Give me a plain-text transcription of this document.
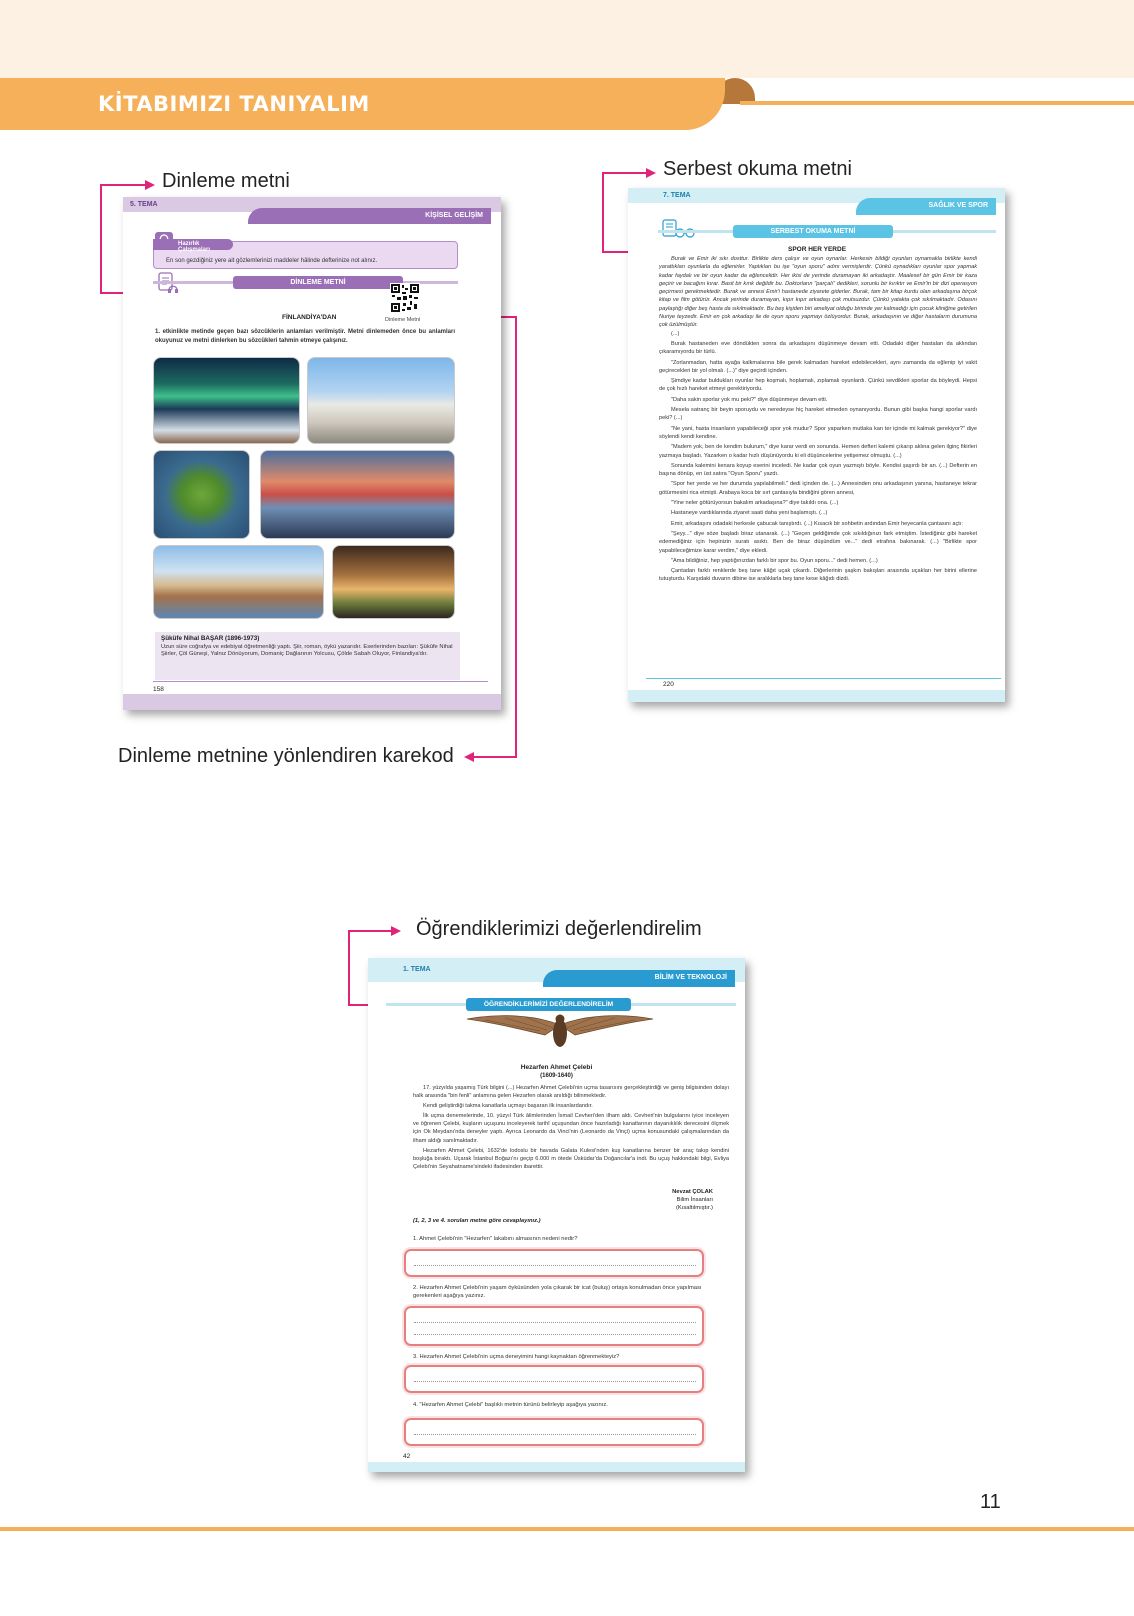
KİTABIMIZI TANIYALIM
Dinleme metni
Serbest okuma metni
Dinleme metnine yönlendiren karekod
Öğrendiklerimizi değerlendirelim
5. TEMA
KİŞİSEL GELİŞİM
En son gezdiğiniz yere ait gözlemlerinizi maddeler hâlinde defterinize not alınız.
Hazırlık Çalışmaları
DİNLEME METNİ
Dinleme Metni
FİNLANDİYA'DAN
1. etkinlikte metinde geçen bazı sözcüklerin anlamları verilmiştir. Metni dinlemeden önce bu anlamları okuyunuz ve metni dinlerken bu sözcükleri tahmin etmeye çalışınız.
Şüküfe Nihal BAŞAR (1896-1973)
Uzun süre coğrafya ve edebiyat öğretmenliği yaptı. Şiir, roman, öykü yazarıdır. Eserlerinden bazıları: Şükûfe Nihal Şiirler, Çöl Güneşi, Yalnız Dönüyorum, Domaniç Dağlarının Yolcusu, Çölde Sabah Oluyor, Finlandiya'dır.
158
7. TEMA
SAĞLIK VE SPOR
SERBEST OKUMA METNİ
SPOR HER YERDE

Burak ve Emir iki sıkı dosttur. Birlikte ders çalışır ve oyun oynarlar. Herkesin bildiği oyunları oynamakla birlikte kendi yarattıkları oyunlarla da eğlenirler. Yaptıkları bu işe "oyun sporu" adını vermişlerdir. Çünkü oynadıkları oyunlar spor yapmak kadar faydalı ve bir oyun kadar da eğlencelidir. Her ikisi de yerinde duramayan iki arkadaştır. Maalesef bir gün Emir bir kaza geçirir ve bacağını kırar. Basit bir kırık değildir bu. Doktorların "parçalı" dedikleri, sorunlu bir kırıktır ve Emir'in bir dizi operasyon geçirmesi gerekmektedir. Burak ve annesi Emir'i hastanede ziyarete giderler. Burak, tam bir kitap kurdu olan arkadaşına birçok kitap ve film götürür. Ancak yerinde duramayan, kıpır kıpır arkadaşı çok mutsuzdur. Çünkü yatakta çok sıkılmaktadır. Odasını paylaştığı diğer beş hasta da sıkılmaktadır. Bu beş kişiden biri ameliyat olduğu birimde yer kalmadığı için çocuk kliniğine getirilen Nuriye teyzedir. Emir en çok arkadaşı ile de oyun sporu yapmayı özlüyordur. Burak, arkadaşının ve diğer hastaların durumuna çok üzülmüştür.

(...)

Burak hastaneden eve döndükten sonra da arkadaşını düşünmeye devam etti. Odadaki diğer hastaları da aklından çıkaramıyordu bir türlü.

"Zorlanmadan, hatta ayağa kalkmalarına bile gerek kalmadan hareket edebilecekleri, aynı zamanda da eğlenip iyi vakit geçirecekleri bir yol olmalı. (...)" diye geçirdi içinden.

Şimdiye kadar buldukları oyunlar hep koşmalı, hoplamalı, zıplamalı oyunlardı. Çünkü sevdikleri sporlar da böyleydi. Hepsi de çok hızlı hareket etmeyi gerektiriyordu.

"Daha sakin sporlar yok mu peki?" diye düşünmeye devam etti.

Mesela satranç bir beyin sporuydu ve neredeyse hiç hareket etmeden oynanıyordu. Bunun gibi başka hangi sporlar vardı peki? (...)

"Ne yani, hasta insanların yapabileceği spor yok mudur? Spor yaparken mutlaka kan ter içinde mi kalmak gerekiyor?" diye söylendi kendi kendine.

"Madem yok, ben de kendim bulurum," diye karar verdi en sonunda. Hemen defteri kalemi çıkarıp aklına gelen ilginç fikirleri yazmaya başladı. Yazarken o kadar hızlı düşünüyordu ki eli düşüncelerine yetişemez olmuştu. (...)

Sonunda kalemini kenara koyup eserini inceledi. Ne kadar çok oyun yazmıştı böyle. Kendisi şaşırdı bir an. (...) Defterin en başına dönüp, en üst satıra "Oyun Sporu" yazdı.

"Spor her yerde ve her durumda yapılabilmeli." dedi içinden de. (...) Annesinden onu arkadaşının yanına, hastaneye tekrar götürmesini rica etmişti. Arabaya koca bir sırt çantasıyla bindiğini gören annesi,

"Yine neler götürüyorsun bakalım arkadaşına?" diye takıldı ona. (...)

Hastaneye vardıklarında ziyaret saati daha yeni başlamıştı. (...)

Emir, arkadaşını odadaki herkesle çabucak tanıştırdı. (...) Kısacık bir sohbetin ardından Emir heyecanla çantasını açtı:

"Şeyy..." diye söze başladı biraz utanarak. (...) "Geçen geldiğimde çok sıkıldığınızı fark etmiştim. İstediğiniz gibi hareket edemediğiniz için hepinizin suratı asıktı. Ben de biraz düşündüm ve..." dedi etrafına bakınarak. (...) "Birlikte spor yapabileceğimize karar verdim," diye ekledi.

"Ama bildiğiniz, hep yaptığınızdan farklı bir spor bu. Oyun sporu..." dedi hemen. (...)

Çantadan farklı renklerde beş tane kâğıt uçak çıkardı. Diğerlerinin şaşkın bakışları arasında uçakları her birini ellerine tutuşturdu. Karşıdaki duvarın dibine ise aralıklarla beş tane kese kâğıdı dizdi.

220
1. TEMA
BİLİM VE TEKNOLOJİ
ÖĞRENDİKLERİMİZİ DEĞERLENDİRELİM
Hezarfen Ahmet Çelebi
(1609-1640)

17. yüzyılda yaşamış Türk bilgini (...) Hezarfen Ahmet Çelebi'nin uçma tasarısını gerçekleştirdiği ve geniş bilgisinden dolayı halk arasında "bin fenli" anlamına gelen Hezarfen olarak anıldığı bilinmektedir.

Kendi geliştirdiği takma kanatlarla uçmayı başaran ilk insanlardandır.

İlk uçma denemelerinde, 10. yüzyıl Türk âlimlerinden İsmail Cevheri'den ilham aldı. Cevheri'nin bulgularını iyice inceleyen ve öğrenen Çelebi, kuşların uçuşunu inceleyerek tarihî uçuşundan önce hazırladığı kanatlarının dayanıklılık derecesini ölçmek için Ok Meydanı'nda deneyler yaptı. Ayrıca Leonardo da Vinci'nin (Leonardo da Vinçi) uçma konusundaki çalışmalarından da ilham aldığı sanılmaktadır.

Hezarfen Ahmet Çelebi, 1632'de lodoslu bir havada Galata Kulesi'nden kuş kanatlarına benzer bir araç takıp kendini boşluğa bıraktı. Uçarak İstanbul Boğazı'nı geçip 6.000 m ötede Üsküdar'da Doğancılar'a indi. Bu uçuş hakkındaki bilgi, Evliya Çelebi'nin Seyahatname'sindeki ifadesinden ibarettir.

Nevzat ÇOLAK
Bilim İnsanları
(Kısaltılmıştır.)
(1, 2, 3 ve 4. soruları metne göre cevaplayınız.)
1. Ahmet Çelebi'nin "Hezarfen" lakabını almasının nedeni nedir?
2. Hezarfen Ahmet Çelebi'nin yaşam öyküsünden yola çıkarak bir icat (buluş) ortaya konulmadan önce yapılması gerekenleri aşağıya yazınız.
3. Hezarfen Ahmet Çelebi'nin uçma deneyimini hangi kaynaktan öğrenmekteyiz?
4. "Hezarfen Ahmet Çelebi" başlıklı metnin türünü belirleyip aşağıya yazınız.
42
11
